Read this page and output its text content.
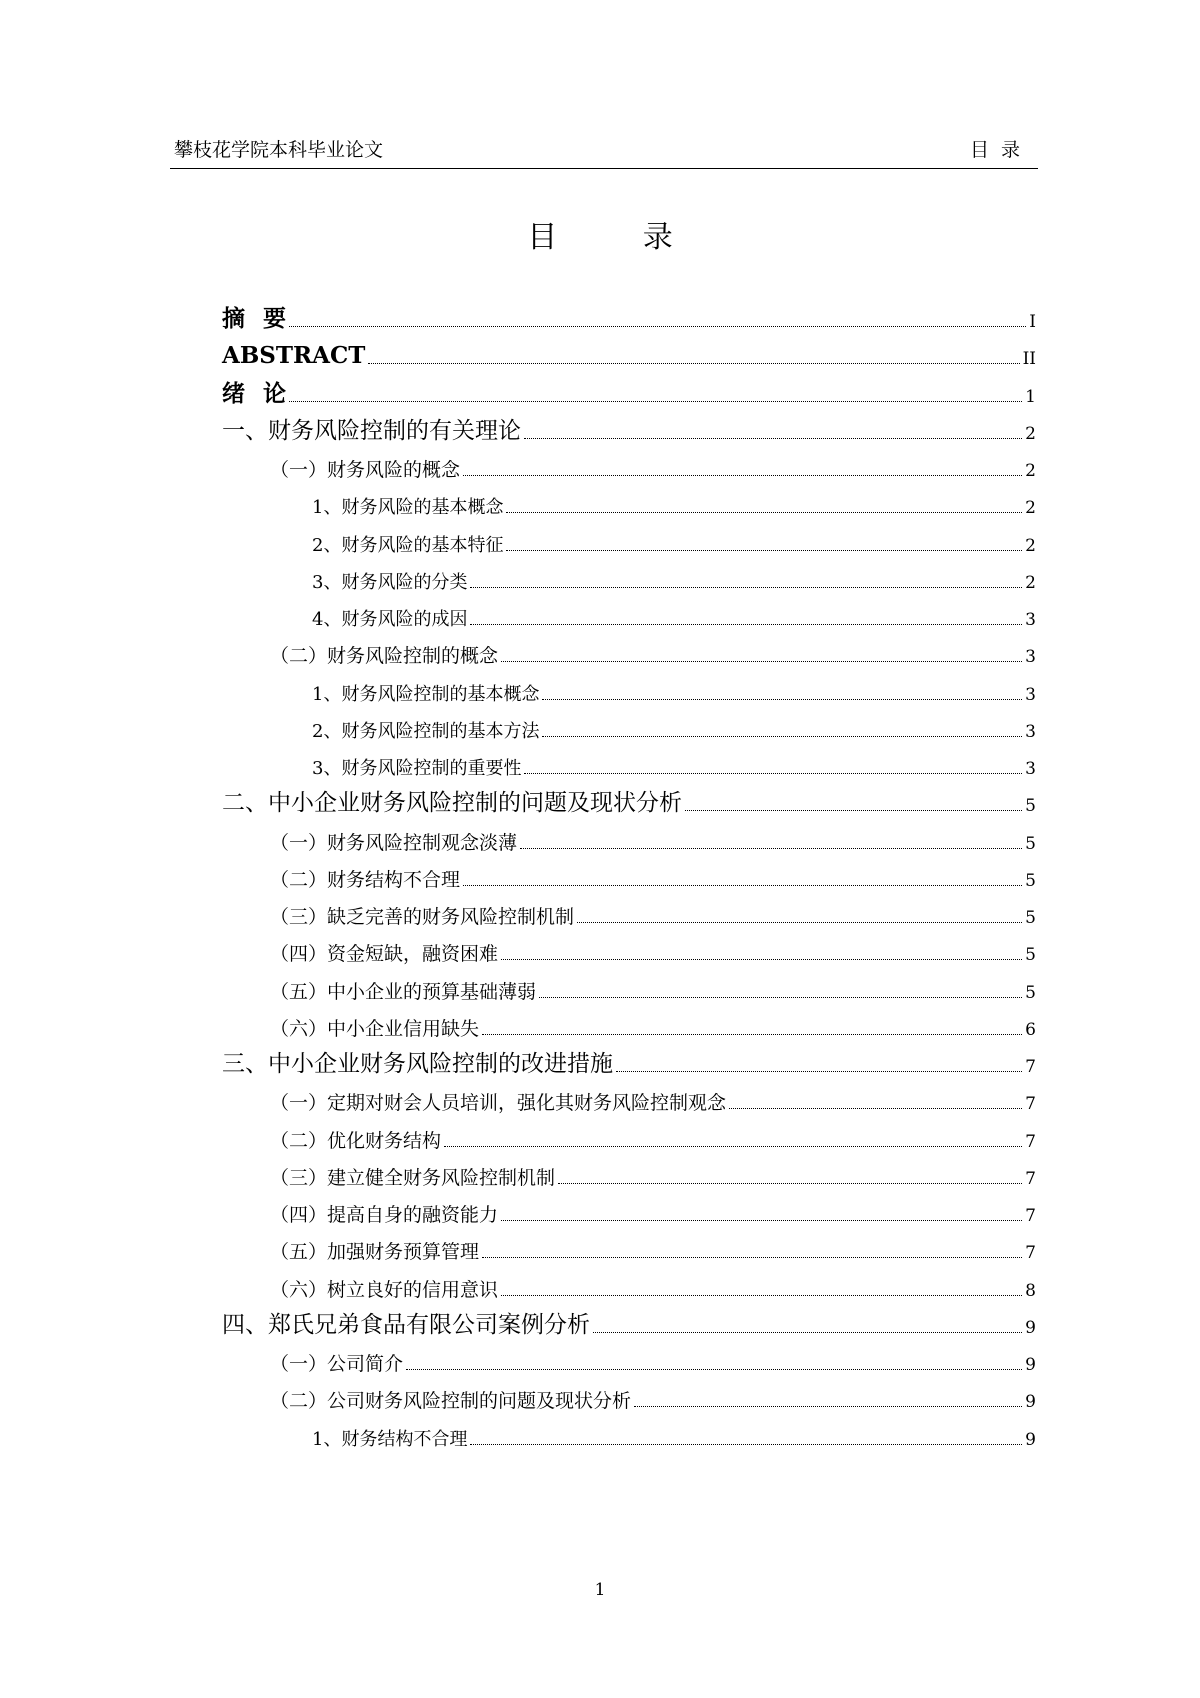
攀枝花学院本科毕业论文	目录
目 录
摘要	I
ABSTRACT	II
绪论	1
一、财务风险控制的有关理论	2
（一）财务风险的概念	2
1、财务风险的基本概念	2
2、财务风险的基本特征	2
3、财务风险的分类	2
4、财务风险的成因	3
（二）财务风险控制的概念	3
1、财务风险控制的基本概念	3
2、财务风险控制的基本方法	3
3、财务风险控制的重要性	3
二、中小企业财务风险控制的问题及现状分析	5
（一）财务风险控制观念淡薄	5
（二）财务结构不合理	5
（三）缺乏完善的财务风险控制机制	5
（四）资金短缺，融资困难	5
（五）中小企业的预算基础薄弱	5
（六）中小企业信用缺失	6
三、中小企业财务风险控制的改进措施	7
（一）定期对财会人员培训，强化其财务风险控制观念	7
（二）优化财务结构	7
（三）建立健全财务风险控制机制	7
（四）提高自身的融资能力	7
（五）加强财务预算管理	7
（六）树立良好的信用意识	8
四、郑氏兄弟食品有限公司案例分析	9
（一）公司简介	9
（二）公司财务风险控制的问题及现状分析	9
1、财务结构不合理	9
1
